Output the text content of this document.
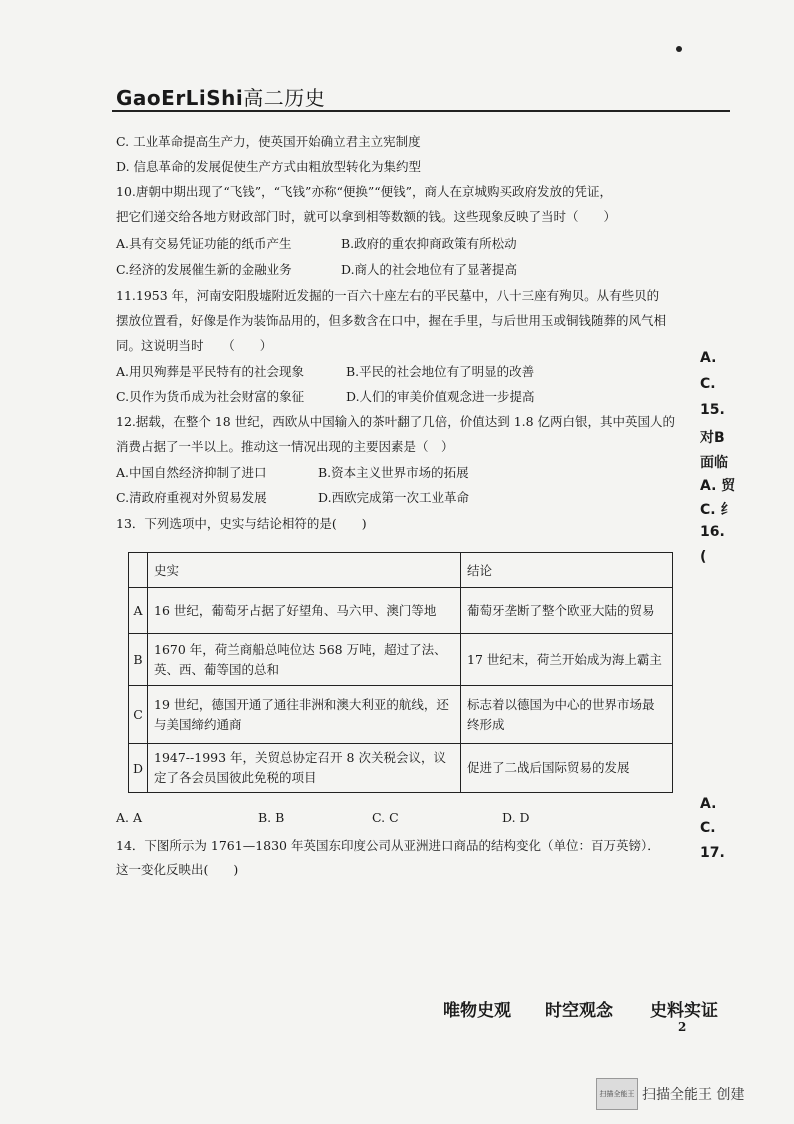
GaoErLiShi高二历史
C. 工业革命提高生产力，使英国开始确立君主立宪制度
D. 信息革命的发展促使生产方式由粗放型转化为集约型
10.唐朝中期出现了“飞钱”，“飞钱”亦称“便换”“便钱”，商人在京城购买政府发放的凭证，
把它们递交给各地方财政部门时，就可以拿到相等数额的钱。这些现象反映了当时（　　）
A.具有交易凭证功能的纸币产生	B.政府的重农抑商政策有所松动
C.经济的发展催生新的金融业务	D.商人的社会地位有了显著提高
11.1953 年，河南安阳殷墟附近发掘的一百六十座左右的平民墓中，八十三座有殉贝。从有些贝的
摆放位置看，好像是作为装饰品用的，但多数含在口中，握在手里，与后世用玉或铜钱随葬的风气相
同。这说明当时　　（　　）
A.用贝殉葬是平民特有的社会现象	B.平民的社会地位有了明显的改善
C.贝作为货币成为社会财富的象征	D.人们的审美价值观念进一步提高
12.据载，在整个 18 世纪，西欧从中国输入的茶叶翻了几倍，价值达到 1.8 亿两白银，其中英国人的
消费占据了一半以上。推动这一情况出现的主要因素是（　）
A.中国自然经济抑制了进口	B.资本主义世界市场的拓展
C.清政府重视对外贸易发展	D.西欧完成第一次工业革命
13．下列选项中，史实与结论相符的是(　　)
	史实	结论
A	16 世纪，葡萄牙占据了好望角、马六甲、澳门等地	葡萄牙垄断了整个欧亚大陆的贸易
B	1670 年，荷兰商船总吨位达 568 万吨，超过了法、英、西、葡等国的总和	17 世纪末，荷兰开始成为海上霸主
C	19 世纪，德国开通了通往非洲和澳大利亚的航线，还与美国缔约通商	标志着以德国为中心的世界市场最终形成
D	1947--1993 年，关贸总协定召开 8 次关税会议，议定了各会员国彼此免税的项目	促进了二战后国际贸易的发展
A. A	B. B	C. C	D. D
14．下图所示为 1761—1830 年英国东印度公司从亚洲进口商品的结构变化（单位：百万英镑）．
这一变化反映出(　　)
A.
C.
15.
对B
面临
A. 贸
C. 纟
16.
(
A.
C.
17.
唯物史观 时空观念 史料实证
2
扫描全能王 扫描全能王 创建
